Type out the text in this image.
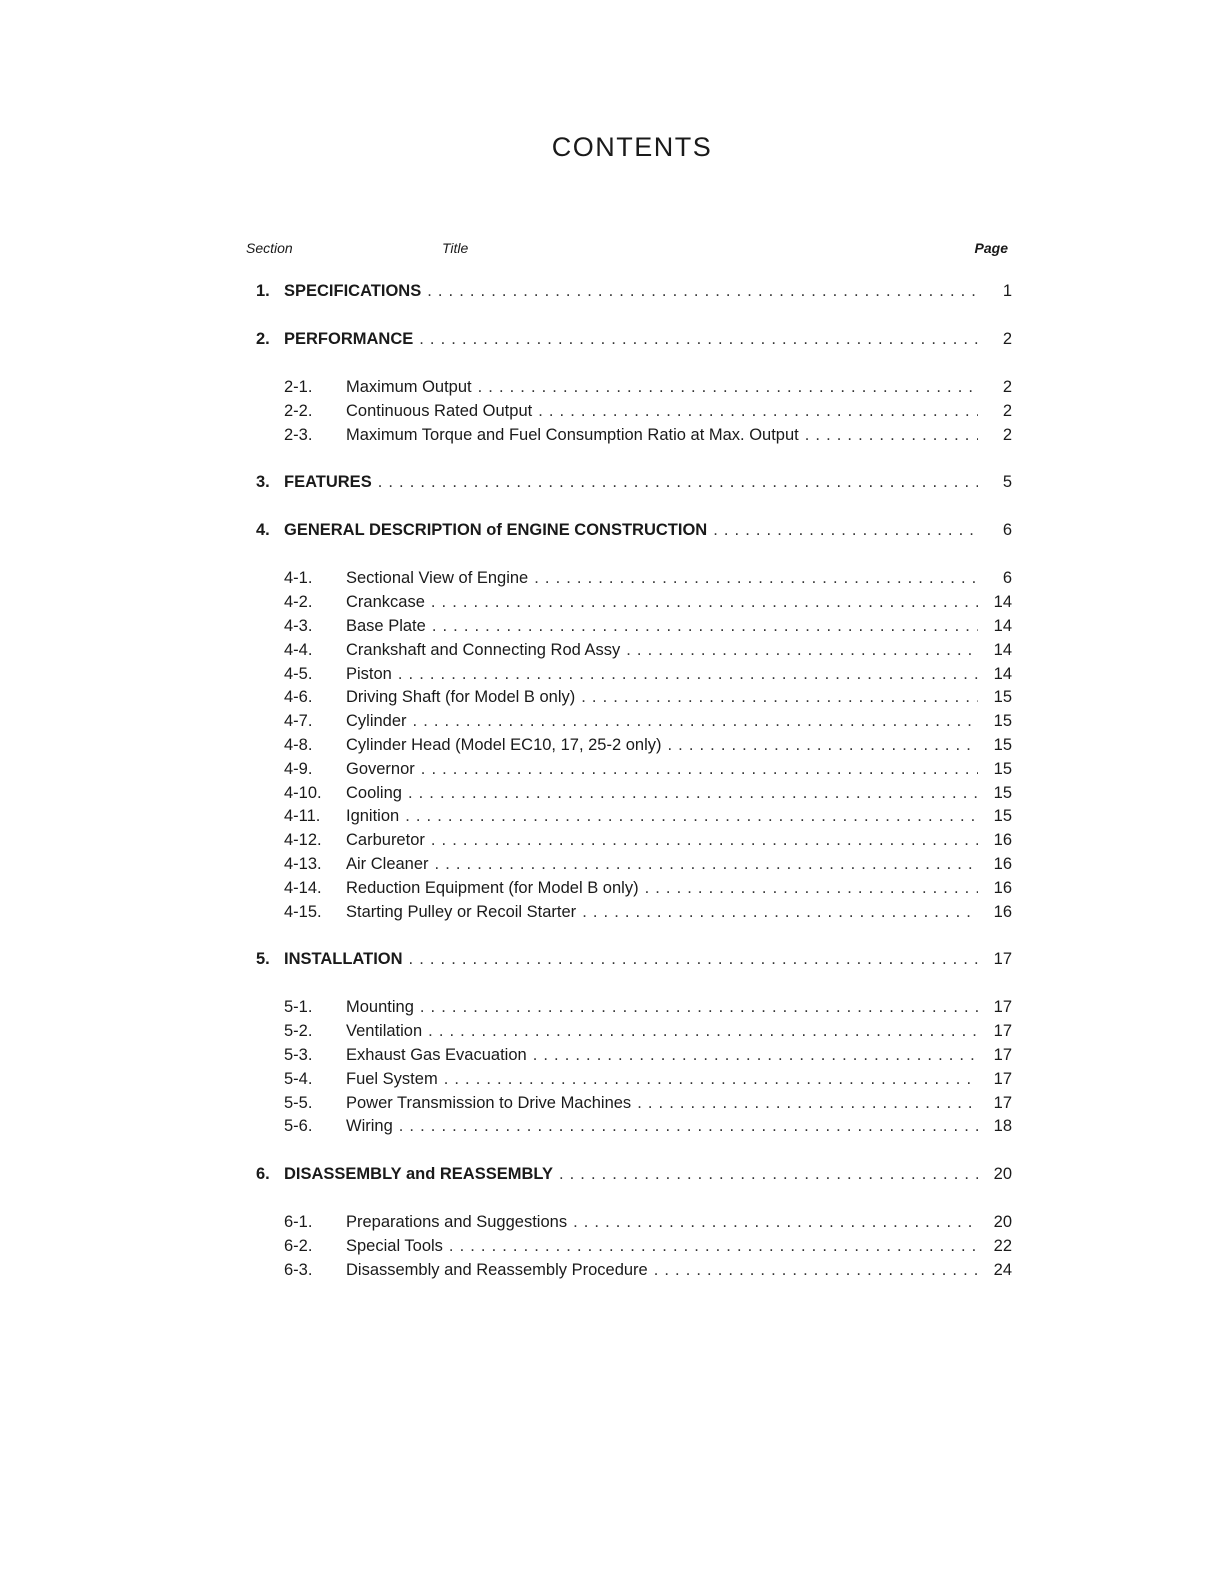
CONTENTS
Section	Title	Page
1. SPECIFICATIONS . . .	1
2. PERFORMANCE . . .	2
2-1.	Maximum Output . . .	2
2-2.	Continuous Rated Output . . .	2
2-3.	Maximum Torque and Fuel Consumption Ratio at Max. Output . . .	2
3. FEATURES . . .	5
4. GENERAL DESCRIPTION of ENGINE CONSTRUCTION . . .	6
4-1.	Sectional View of Engine . . .	6
4-2.	Crankcase . . .	14
4-3.	Base Plate . . .	14
4-4.	Crankshaft and Connecting Rod Assy . . .	14
4-5.	Piston . . .	14
4-6.	Driving Shaft (for Model B only) . . .	15
4-7.	Cylinder . . .	15
4-8.	Cylinder Head (Model EC10, 17, 25-2 only) . . .	15
4-9.	Governor . . .	15
4-10.	Cooling . . .	15
4-11.	Ignition . . .	15
4-12.	Carburetor . . .	16
4-13.	Air Cleaner . . .	16
4-14.	Reduction Equipment (for Model B only) . . .	16
4-15.	Starting Pulley or Recoil Starter . . .	16
5. INSTALLATION . . .	17
5-1.	Mounting . . .	17
5-2.	Ventilation . . .	17
5-3.	Exhaust Gas Evacuation . . .	17
5-4.	Fuel System . . .	17
5-5.	Power Transmission to Drive Machines . . .	17
5-6.	Wiring . . .	18
6. DISASSEMBLY and REASSEMBLY . . .	20
6-1.	Preparations and Suggestions . . .	20
6-2.	Special Tools . . .	22
6-3.	Disassembly and Reassembly Procedure . . .	24
